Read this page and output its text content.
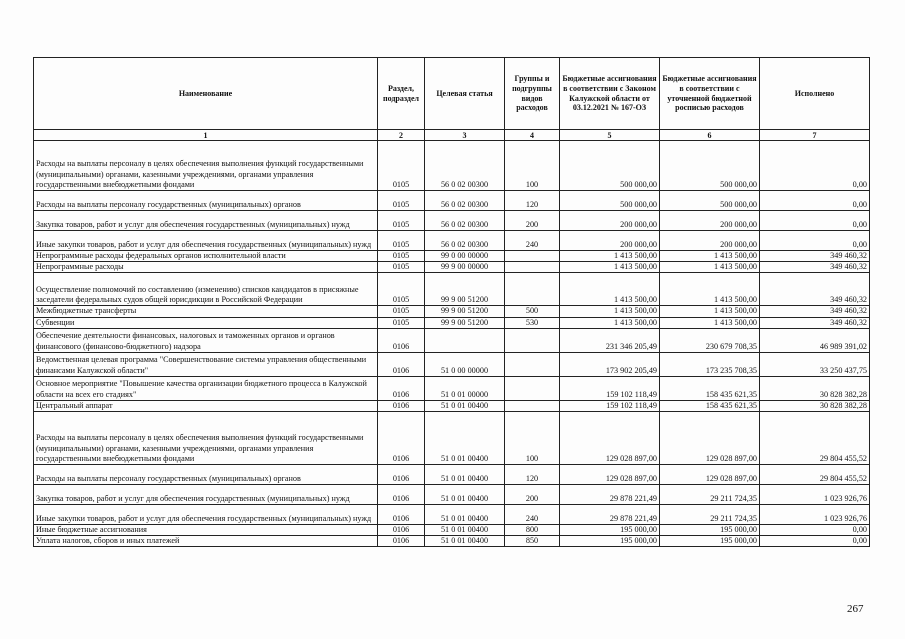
Наименование	Раздел, подраздел	Целевая статья	Группы и подгруппы видов расходов	Бюджетные ассигнования в соответствии с Законом Калужской области от 03.12.2021 № 167-ОЗ	Бюджетные ассигнования в соответствии с уточненной бюджетной росписью расходов	Исполнено
1	2	3	4	5	6	7
Расходы на выплаты персоналу в целях обеспечения выполнения функций государственными (муниципальными) органами, казенными учреждениями, органами управления государственными внебюджетными фондами	0105	56 0 02 00300	100	500 000,00	500 000,00	0,00
Расходы на выплаты персоналу государственных (муниципальных) органов	0105	56 0 02 00300	120	500 000,00	500 000,00	0,00
Закупка товаров, работ и услуг для обеспечения государственных (муниципальных) нужд	0105	56 0 02 00300	200	200 000,00	200 000,00	0,00
Иные закупки товаров, работ и услуг для обеспечения государственных (муниципальных) нужд	0105	56 0 02 00300	240	200 000,00	200 000,00	0,00
Непрограммные расходы федеральных органов исполнительной власти	0105	99 0 00 00000		1 413 500,00	1 413 500,00	349 460,32
Непрограммные расходы	0105	99 9 00 00000		1 413 500,00	1 413 500,00	349 460,32
Осуществление полномочий по составлению (изменению) списков кандидатов в присяжные заседатели федеральных судов общей юрисдикции в Российской Федерации	0105	99 9 00 51200		1 413 500,00	1 413 500,00	349 460,32
Межбюджетные трансферты	0105	99 9 00 51200	500	1 413 500,00	1 413 500,00	349 460,32
Субвенции	0105	99 9 00 51200	530	1 413 500,00	1 413 500,00	349 460,32
Обеспечение деятельности финансовых, налоговых и таможенных органов и органов финансового (финансово-бюджетного) надзора	0106			231 346 205,49	230 679 708,35	46 989 391,02
Ведомственная целевая программа "Совершенствование системы управления общественными финансами Калужской области"	0106	51 0 00 00000		173 902 205,49	173 235 708,35	33 250 437,75
Основное мероприятие "Повышение качества организации бюджетного процесса в Калужской области на всех его стадиях"	0106	51 0 01 00000		159 102 118,49	158 435 621,35	30 828 382,28
Центральный аппарат	0106	51 0 01 00400		159 102 118,49	158 435 621,35	30 828 382,28
Расходы на выплаты персоналу в целях обеспечения выполнения функций государственными (муниципальными) органами, казенными учреждениями, органами управления государственными внебюджетными фондами	0106	51 0 01 00400	100	129 028 897,00	129 028 897,00	29 804 455,52
Расходы на выплаты персоналу государственных (муниципальных) органов	0106	51 0 01 00400	120	129 028 897,00	129 028 897,00	29 804 455,52
Закупка товаров, работ и услуг для обеспечения государственных (муниципальных) нужд	0106	51 0 01 00400	200	29 878 221,49	29 211 724,35	1 023 926,76
Иные закупки товаров, работ и услуг для обеспечения государственных (муниципальных) нужд	0106	51 0 01 00400	240	29 878 221,49	29 211 724,35	1 023 926,76
Иные бюджетные ассигнования	0106	51 0 01 00400	800	195 000,00	195 000,00	0,00
Уплата налогов, сборов и иных платежей	0106	51 0 01 00400	850	195 000,00	195 000,00	0,00
267
